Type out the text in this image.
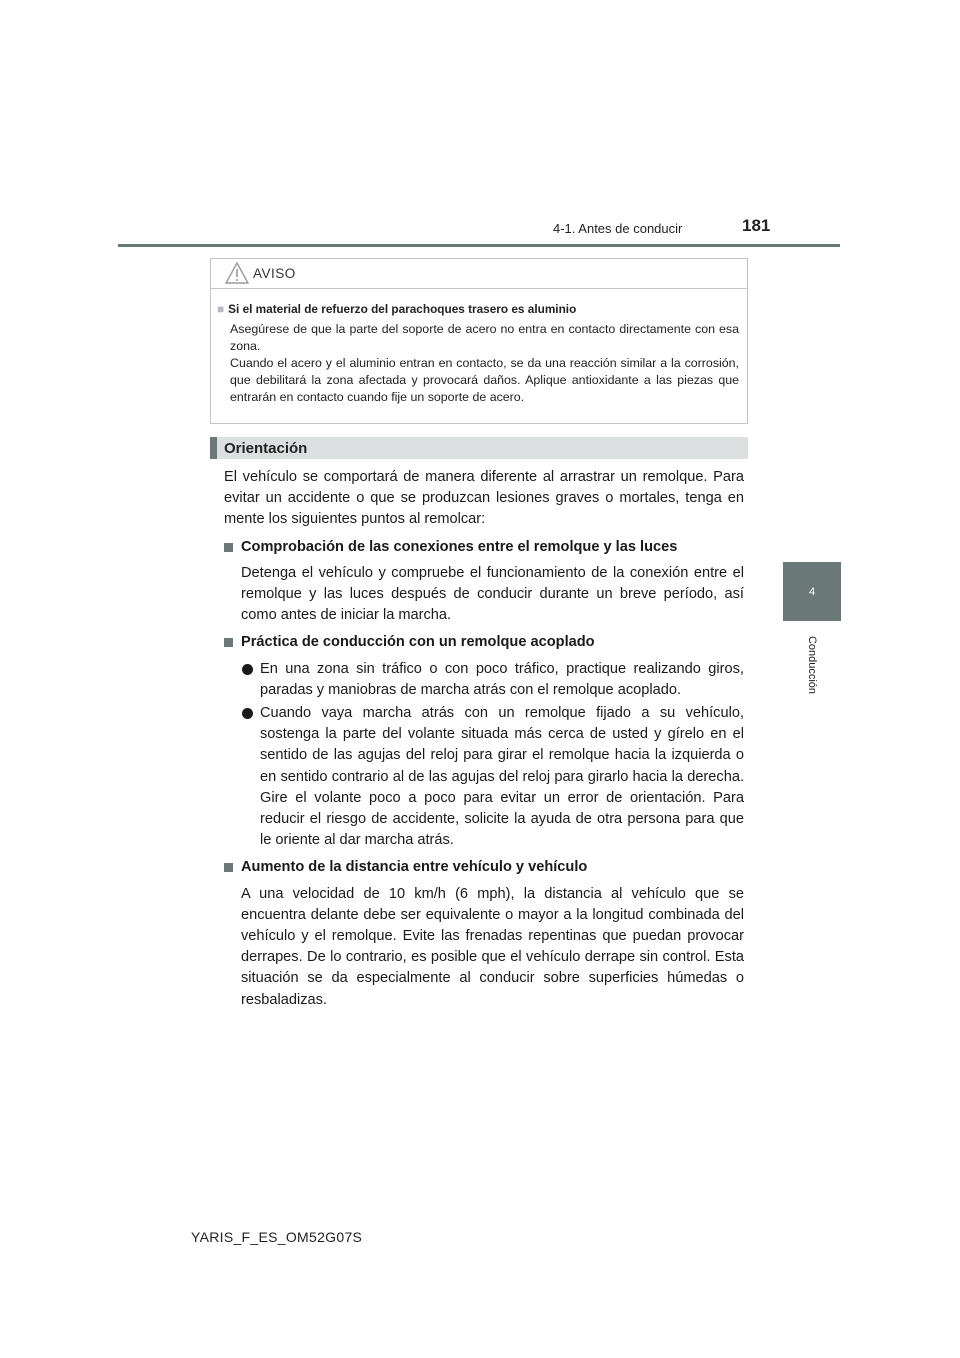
4-1. Antes de conducir	181
4
Conducción
AVISO
■ Si el material de refuerzo del parachoques trasero es aluminio

Asegúrese de que la parte del soporte de acero no entra en contacto directamente con esa zona.

Cuando el acero y el aluminio entran en contacto, se da una reacción similar a la corrosión, que debilitará la zona afectada y provocará daños. Aplique antioxidante a las piezas que entrarán en contacto cuando fije un soporte de acero.

Orientación

El vehículo se comportará de manera diferente al arrastrar un remolque. Para evitar un accidente o que se produzcan lesiones graves o mortales, tenga en mente los siguientes puntos al remolcar:

Comprobación de las conexiones entre el remolque y las luces

Detenga el vehículo y compruebe el funcionamiento de la conexión entre el remolque y las luces después de conducir durante un breve período, así como antes de iniciar la marcha.

Práctica de conducción con un remolque acoplado

En una zona sin tráfico o con poco tráfico, practique realizando giros, paradas y maniobras de marcha atrás con el remolque acoplado.

Cuando vaya marcha atrás con un remolque fijado a su vehículo, sostenga la parte del volante situada más cerca de usted y gírelo en el sentido de las agujas del reloj para girar el remolque hacia la izquierda o en sentido contrario al de las agujas del reloj para girarlo hacia la derecha. Gire el volante poco a poco para evitar un error de orientación. Para reducir el riesgo de accidente, solicite la ayuda de otra persona para que le oriente al dar marcha atrás.

Aumento de la distancia entre vehículo y vehículo

A una velocidad de 10 km/h (6 mph), la distancia al vehículo que se encuentra delante debe ser equivalente o mayor a la longitud combinada del vehículo y el remolque. Evite las frenadas repentinas que puedan provocar derrapes. De lo contrario, es posible que el vehículo derrape sin control. Esta situación se da especialmente al conducir sobre superficies húmedas o resbaladizas.

YARIS_F_ES_OM52G07S
